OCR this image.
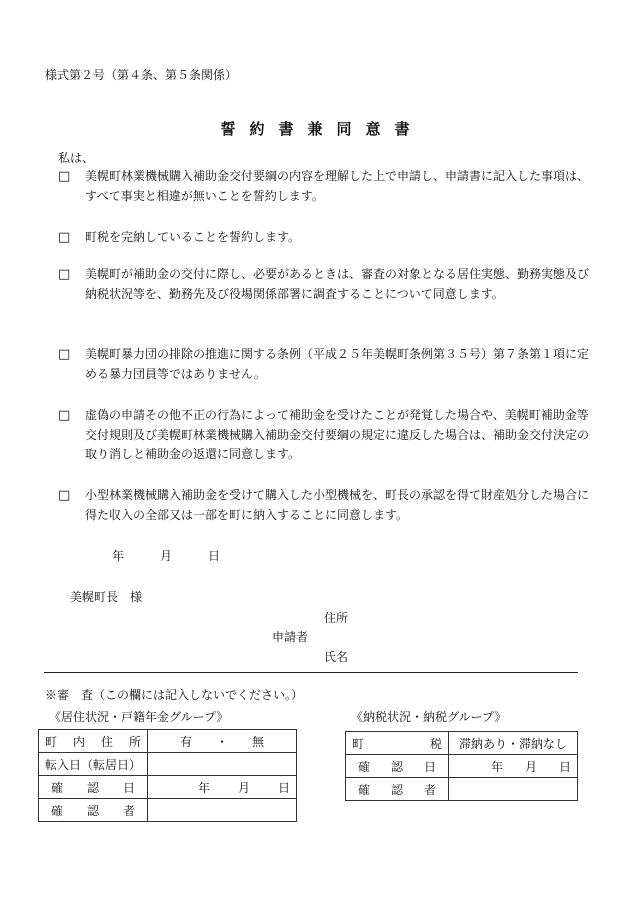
様式第２号（第４条、第５条関係）
誓約書兼同意書
私は、
□ 美幌町林業機械購入補助金交付要綱の内容を理解した上で申請し、申請書に記入した事項は、すべて事実と相違が無いことを誓約します。
□ 町税を完納していることを誓約します。
□ 美幌町が補助金の交付に際し、必要があるときは、審査の対象となる居住実態、勤務実態及び納税状況等を、勤務先及び役場関係部署に調査することについて同意します。
□ 美幌町暴力団の排除の推進に関する条例（平成２５年美幌町条例第３５号）第７条第１項に定める暴力団員等ではありません。
□ 虚偽の申請その他不正の行為によって補助金を受けたことが発覚した場合や、美幌町補助金等交付規則及び美幌町林業機械購入補助金交付要綱の規定に違反した場合は、補助金交付決定の取り消しと補助金の返還に同意します。
□ 小型林業機械購入補助金を受けて購入した小型機械を、町長の承認を得て財産処分した場合に得た収入の全部又は一部を町に納入することに同意します。
年	月	日
美幌町長　様
住所
申請者
氏名
※審　査（この欄には記入しないでください。）
《居住状況・戸籍年金グループ》	《納税状況・納税グループ》
町 内 住 所	有 ・ 無

転入日（転居日）	

確 認 日	年 月 日

確 認 者	

町 税	滞納あり・滞納なし

確 認 日	年 月 日

確 認 者	
